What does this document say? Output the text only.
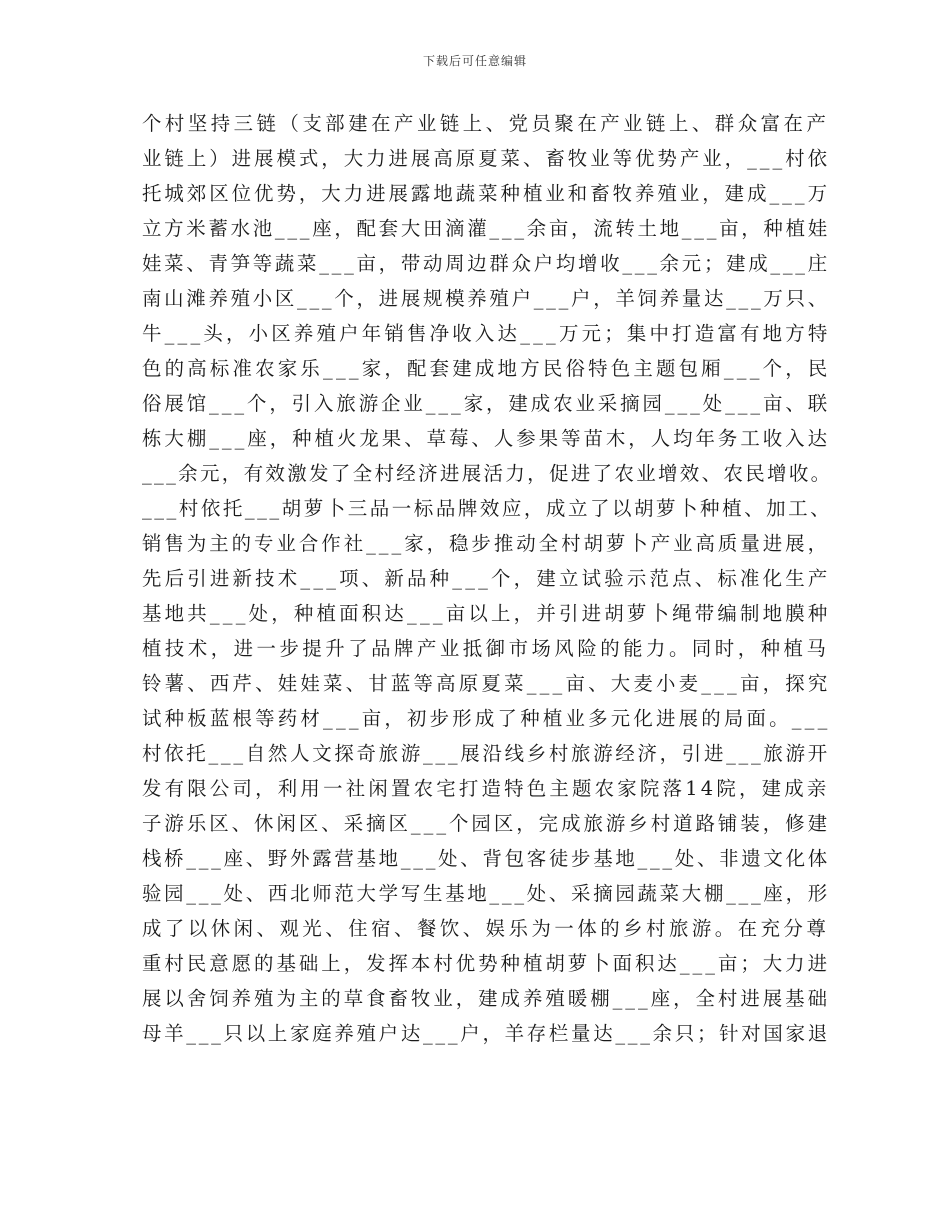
下载后可任意编辑
个村坚持三链（支部建在产业链上、党员聚在产业链上、群众富在产
业链上）进展模式，大力进展高原夏菜、畜牧业等优势产业，___村依
托城郊区位优势，大力进展露地蔬菜种植业和畜牧养殖业，建成___万
立方米蓄水池___座，配套大田滴灌___余亩，流转土地___亩，种植娃
娃菜、青笋等蔬菜___亩，带动周边群众户均增收___余元；建成___庄
南山滩养殖小区___个，进展规模养殖户___户，羊饲养量达___万只、
牛___头，小区养殖户年销售净收入达___万元；集中打造富有地方特
色的高标准农家乐___家，配套建成地方民俗特色主题包厢___个，民
俗展馆___个，引入旅游企业___家，建成农业采摘园___处___亩、联
栋大棚___座，种植火龙果、草莓、人参果等苗木，人均年务工收入达
___余元，有效激发了全村经济进展活力，促进了农业增效、农民增收。
___村依托___胡萝卜三品一标品牌效应，成立了以胡萝卜种植、加工、
销售为主的专业合作社___家，稳步推动全村胡萝卜产业高质量进展，
先后引进新技术___项、新品种___个，建立试验示范点、标准化生产
基地共___处，种植面积达___亩以上，并引进胡萝卜绳带编制地膜种
植技术，进一步提升了品牌产业抵御市场风险的能力。同时，种植马
铃薯、西芹、娃娃菜、甘蓝等高原夏菜___亩、大麦小麦___亩，探究
试种板蓝根等药材___亩，初步形成了种植业多元化进展的局面。___
村依托___自然人文探奇旅游___展沿线乡村旅游经济，引进___旅游开
发有限公司，利用一社闲置农宅打造特色主题农家院落14院，建成亲
子游乐区、休闲区、采摘区___个园区，完成旅游乡村道路铺装，修建
栈桥___座、野外露营基地___处、背包客徒步基地___处、非遗文化体
验园___处、西北师范大学写生基地___处、采摘园蔬菜大棚___座，形
成了以休闲、观光、住宿、餐饮、娱乐为一体的乡村旅游。在充分尊
重村民意愿的基础上，发挥本村优势种植胡萝卜面积达___亩；大力进
展以舍饲养殖为主的草食畜牧业，建成养殖暖棚___座，全村进展基础
母羊___只以上家庭养殖户达___户，羊存栏量达___余只；针对国家退
